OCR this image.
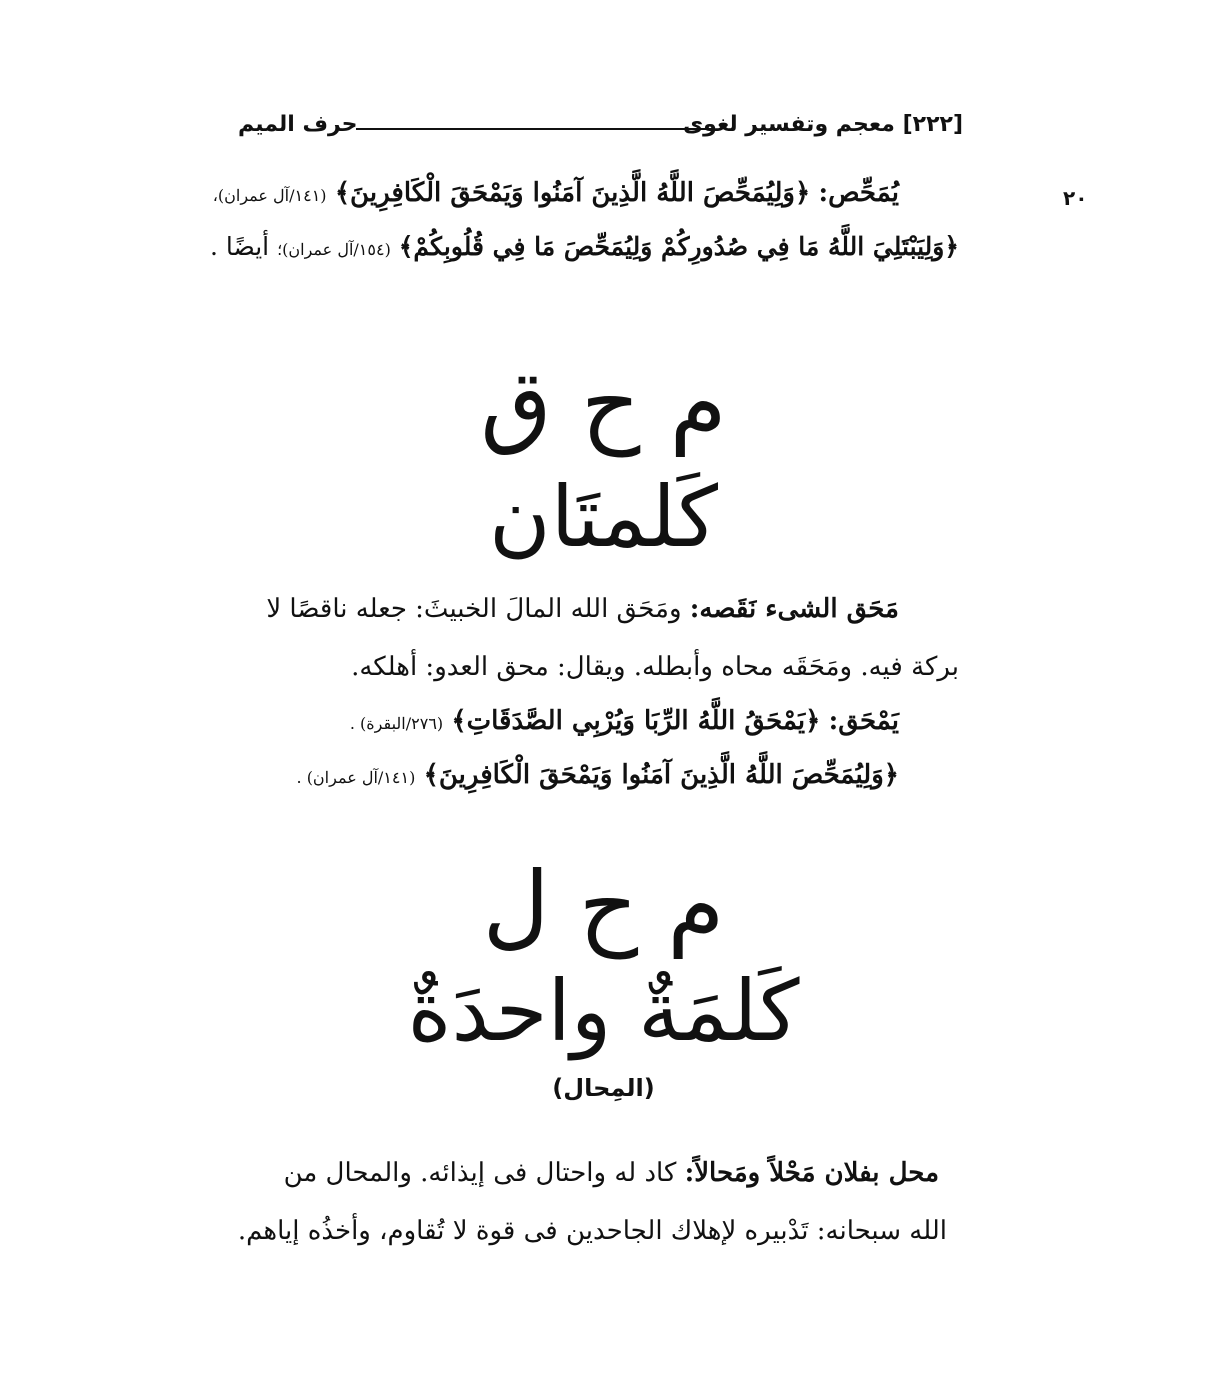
[٢٢٢] معجم وتفسير لغوى
حرف الميم
٢٠
يُمَحِّص: ﴿وَلِيُمَحِّصَ اللَّهُ الَّذِينَ آمَنُوا وَيَمْحَقَ الْكَافِرِينَ﴾ (١٤١/آل عمران)،
﴿وَلِيَبْتَلِيَ اللَّهُ مَا فِي صُدُورِكُمْ وَلِيُمَحِّصَ مَا فِي قُلُوبِكُمْ﴾ (١٥٤/آل عمران)؛ أيضًا .
م ح ق
كَلمتَان
مَحَق الشىء نَقَصه: ومَحَق الله المالَ الخبيثَ: جعله ناقصًا لا
بركة فيه. ومَحَقَه محاه وأبطله. ويقال: محق العدو: أهلكه.
يَمْحَق: ﴿يَمْحَقُ اللَّهُ الرِّبَا وَيُرْبِي الصَّدَقَاتِ﴾ (٢٧٦/البقرة) .
﴿وَلِيُمَحِّصَ اللَّهُ الَّذِينَ آمَنُوا وَيَمْحَقَ الْكَافِرِينَ﴾ (١٤١/آل عمران) .
م ح ل
كَلمَةٌ واحدَةٌ
(المِحال)
محل بفلان مَحْلاً ومَحالاً: كاد له واحتال فى إيذائه. والمحال من
الله سبحانه: تَدْبيره لإهلاك الجاحدين فى قوة لا تُقاوم، وأخذُه إياهم.
